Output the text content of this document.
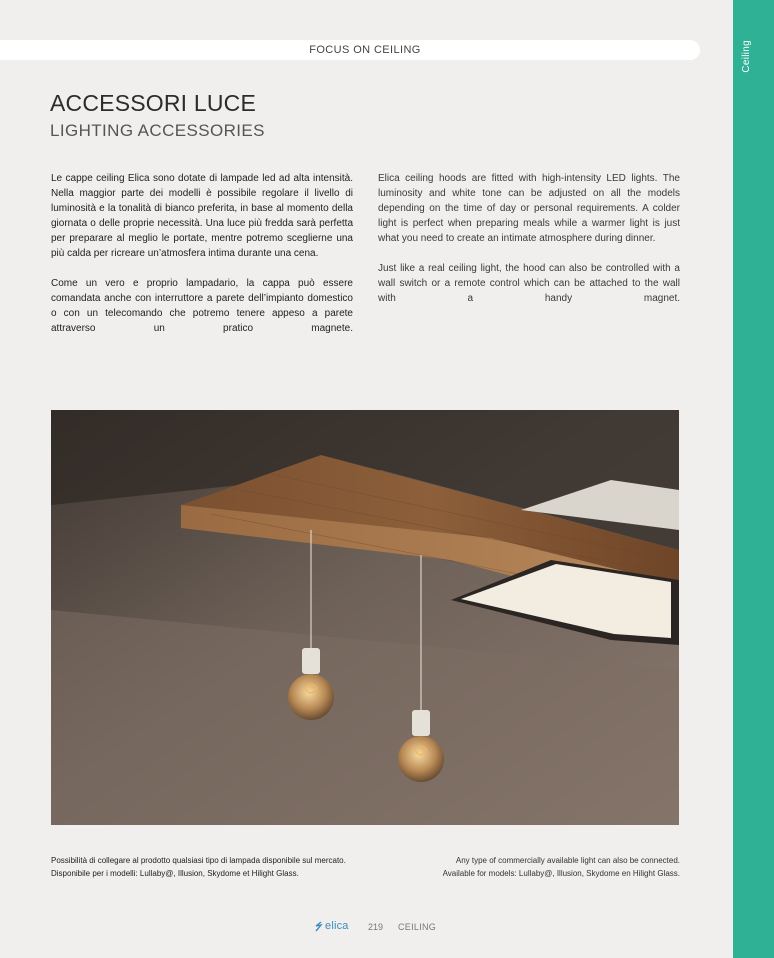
Ceiling
FOCUS ON CEILING
ACCESSORI LUCE
LIGHTING ACCESSORIES

Le cappe ceiling Elica sono dotate di lampade led ad alta intensità. Nella maggior parte dei modelli è possibile regolare il livello di luminosità e la tonalità di bianco preferita, in base al momento della giornata o delle proprie necessità. Una luce più fredda sarà perfetta per preparare al meglio le portate, mentre potremo sceglierne una più calda per ricreare un’atmosfera intima durante una cena.

Come un vero e proprio lampadario, la cappa può essere comandata anche con interruttore a parete dell’impianto domestico o con un telecomando che potremo tenere appeso a parete attraverso un pratico magnete.

Elica ceiling hoods are fitted with high-intensity LED lights. The luminosity and white tone can be adjusted on all the models depending on the time of day or personal requirements. A colder light is perfect when preparing meals while a warmer light is just what you need to create an intimate atmosphere during dinner.

Just like a real ceiling light, the hood can also be controlled with a wall switch or a remote control which can be attached to the wall with a handy magnet.

Possibilità di collegare al prodotto qualsiasi tipo di lampada disponibile sul mercato.
Disponibile per i modelli: Lullaby@, Illusion, Skydome et Hilight Glass.
Any type of commercially available light can also be connected.
Available for models: Lullaby@, Illusion, Skydome en Hilight Glass.
elica 219 CEILING
